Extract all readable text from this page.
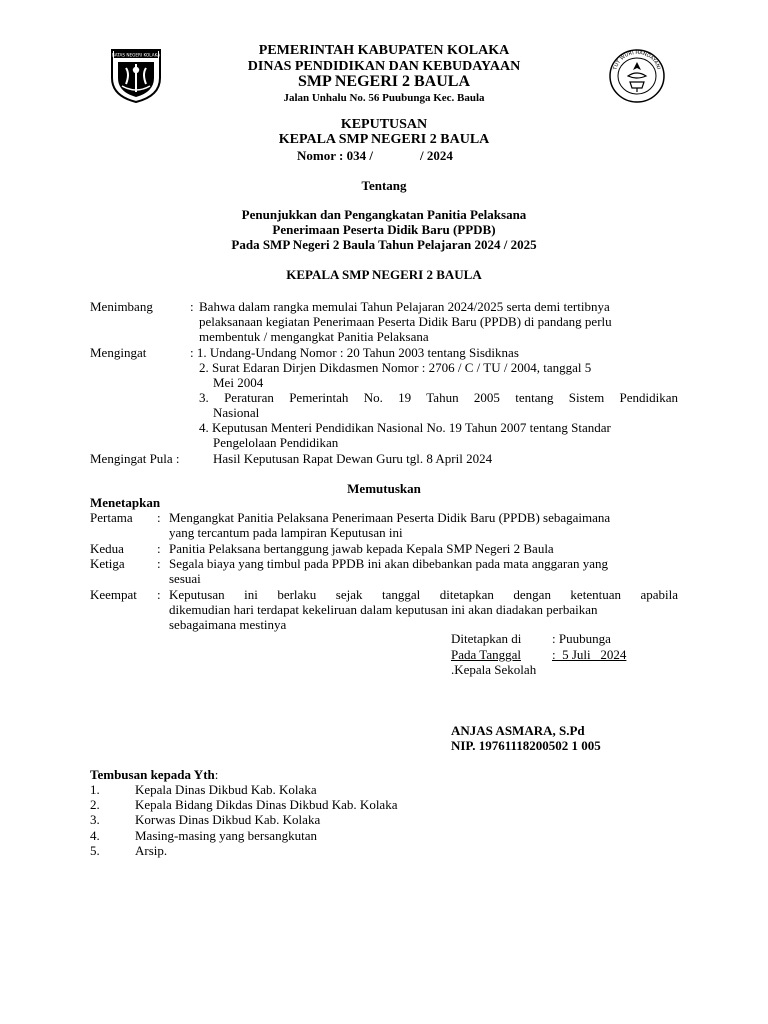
BATAS NEGERI KOLAKA
TUT WURI HANDAYANI
PEMERINTAH KABUPATEN KOLAKA
DINAS PENDIDIKAN DAN KEBUDAYAAN
SMP NEGERI 2 BAULA
Jalan Unhalu No. 56 Puubunga Kec. Baula
KEPUTUSAN
KEPALA SMP NEGERI 2 BAULA
Nomor : 034 /	/ 2024
Tentang
Penunjukkan dan Pengangkatan Panitia Pelaksana
Penerimaan Peserta Didik Baru (PPDB)
Pada SMP Negeri 2 Baula Tahun Pelajaran 2024 / 2025
KEPALA SMP NEGERI 2 BAULA
Menimbang	: Bahwa dalam rangka memulai Tahun Pelajaran 2024/2025 serta demi tertibnya
pelaksanaan kegiatan Penerimaan Peserta Didik Baru (PPDB) di pandang perlu
membentuk / mengangkat Panitia Pelaksana
Mengingat	: 1. Undang-Undang Nomor : 20 Tahun 2003 tentang Sisdiknas
2. Surat Edaran Dirjen Dikdasmen Nomor : 2706 / C / TU / 2004, tanggal 5
Mei 2004
3. Peraturan Pemerintah No. 19 Tahun 2005 tentang Sistem Pendidikan
Nasional
4. Keputusan Menteri Pendidikan Nasional No. 19 Tahun 2007 tentang Standar
Pengelolaan Pendidikan
Mengingat Pula :	Hasil Keputusan Rapat Dewan Guru tgl. 8 April 2024
Memutuskan
Menetapkan
Pertama : Mengangkat Panitia Pelaksana Penerimaan Peserta Didik Baru (PPDB) sebagaimana
yang tercantum pada lampiran Keputusan ini
Kedua	: Panitia Pelaksana bertanggung jawab kepada Kepala SMP Negeri 2 Baula
Ketiga : Segala biaya yang timbul pada PPDB ini akan dibebankan pada mata anggaran yang
sesuai
Keempat : Keputusan ini berlaku sejak tanggal ditetapkan dengan ketentuan apabila
dikemudian hari terdapat kekeliruan dalam keputusan ini akan diadakan perbaikan
sebagaimana mestinya
Ditetapkan di : Puubunga
Pada Tanggal	:  5 Juli   2024
.Kepala Sekolah
ANJAS ASMARA, S.Pd
NIP. 19761118200502 1 005
Tembusan kepada Yth:
1.	Kepala Dinas Dikbud Kab. Kolaka
2.	Kepala Bidang Dikdas Dinas Dikbud Kab. Kolaka
3.	Korwas Dinas Dikbud Kab. Kolaka
4.	Masing-masing yang bersangkutan
5.	Arsip.
